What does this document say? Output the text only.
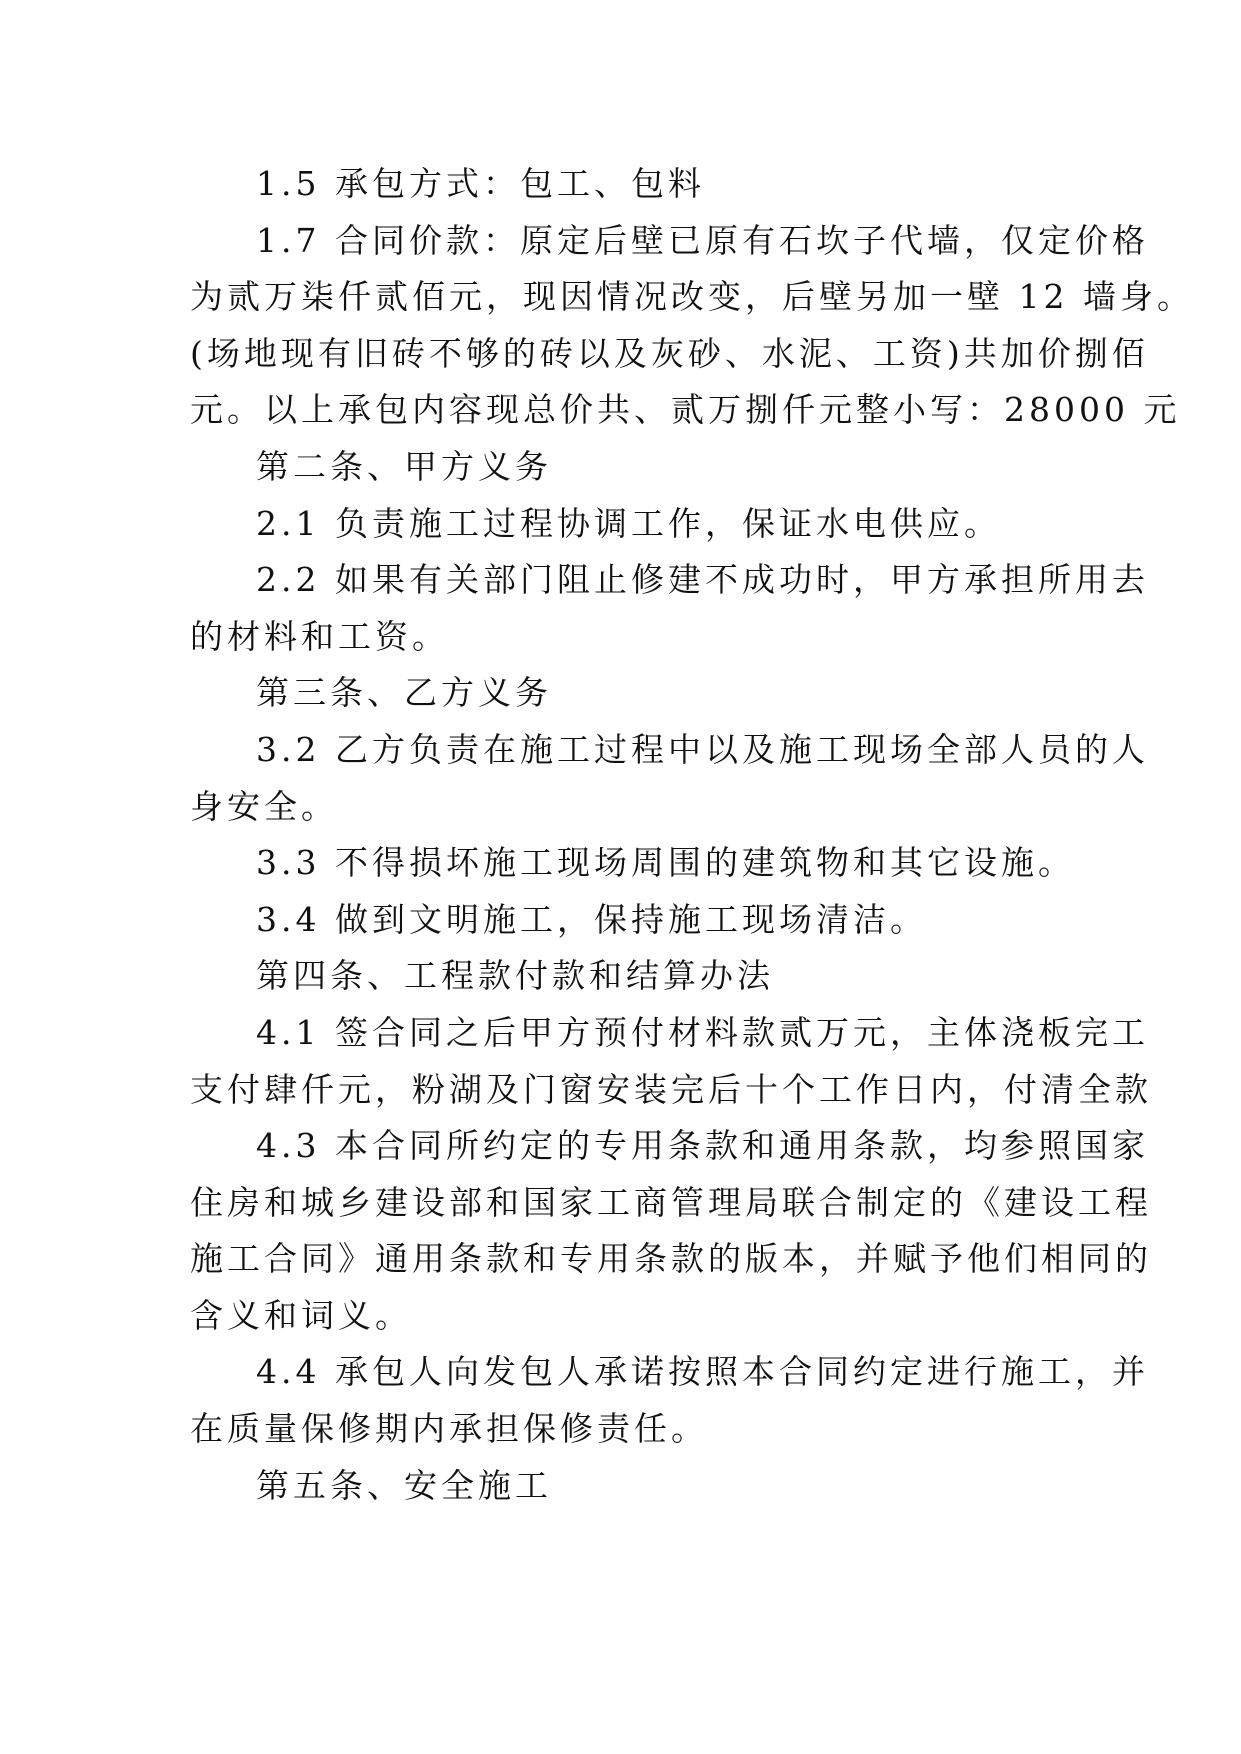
1.5 承包方式：包工、包料
1.7 合同价款：原定后壁已原有石坎子代墙，仅定价格
为贰万柒仟贰佰元，现因情况改变，后壁另加一壁 12 墙身。
(场地现有旧砖不够的砖以及灰砂、水泥、工资)共加价捌佰
元。以上承包内容现总价共、贰万捌仟元整小写：28000 元
第二条、甲方义务
2.1 负责施工过程协调工作，保证水电供应。
2.2 如果有关部门阻止修建不成功时，甲方承担所用去
的材料和工资。
第三条、乙方义务
3.2 乙方负责在施工过程中以及施工现场全部人员的人
身安全。
3.3 不得损坏施工现场周围的建筑物和其它设施。
3.4 做到文明施工，保持施工现场清洁。
第四条、工程款付款和结算办法
4.1 签合同之后甲方预付材料款贰万元，主体浇板完工
支付肆仟元，粉湖及门窗安装完后十个工作日内，付清全款
4.3 本合同所约定的专用条款和通用条款，均参照国家
住房和城乡建设部和国家工商管理局联合制定的《建设工程
施工合同》通用条款和专用条款的版本，并赋予他们相同的
含义和词义。
4.4 承包人向发包人承诺按照本合同约定进行施工，并
在质量保修期内承担保修责任。
第五条、安全施工
